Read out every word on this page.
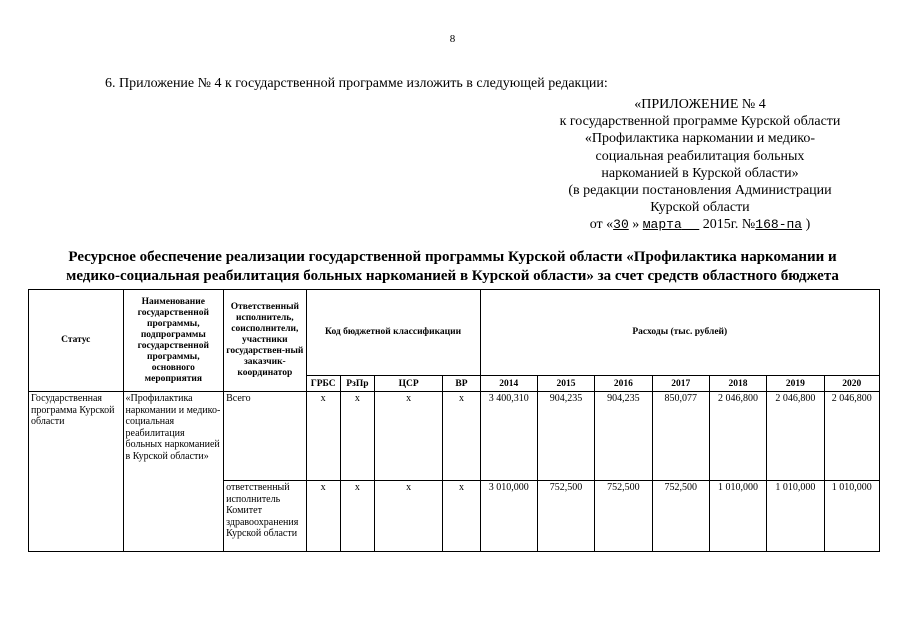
8
6. Приложение № 4 к государственной программе изложить в следующей редакции:
«ПРИЛОЖЕНИЕ № 4
к государственной программе Курской области
«Профилактика наркомании и медико-
социальная реабилитация больных
наркоманией в Курской области»
(в редакции постановления Администрации
Курской области
от «30 » марта 2015г. №168-па )
Ресурсное обеспечение реализации государственной программы Курской области «Профилактика наркомании и
медико-социальная реабилитация больных наркоманией в Курской области» за счет средств областного бюджета
Статус	Наименование государственной программы, подпрограммы государственной программы, основного мероприятия	Ответственный исполнитель, соисполнители, участники государствен-ный заказчик-координатор	Код бюджетной классификации				Расходы (тыс. рублей)						
			ГРБС	РзПр	ЦСР	ВР	2014	2015	2016	2017	2018	2019	2020
Государственная программа Курской области	«Профилактика наркомании и медико-социальная реабилитация больных наркоманией в Курской области»	Всего	х	х	х	х	3 400,310	904,235	904,235	850,077	2 046,800	2 046,800	2 046,800
		ответственный исполнитель Комитет здравоохранения Курской области	х	х	х	х	3 010,000	752,500	752,500	752,500	1 010,000	1 010,000	1 010,000
